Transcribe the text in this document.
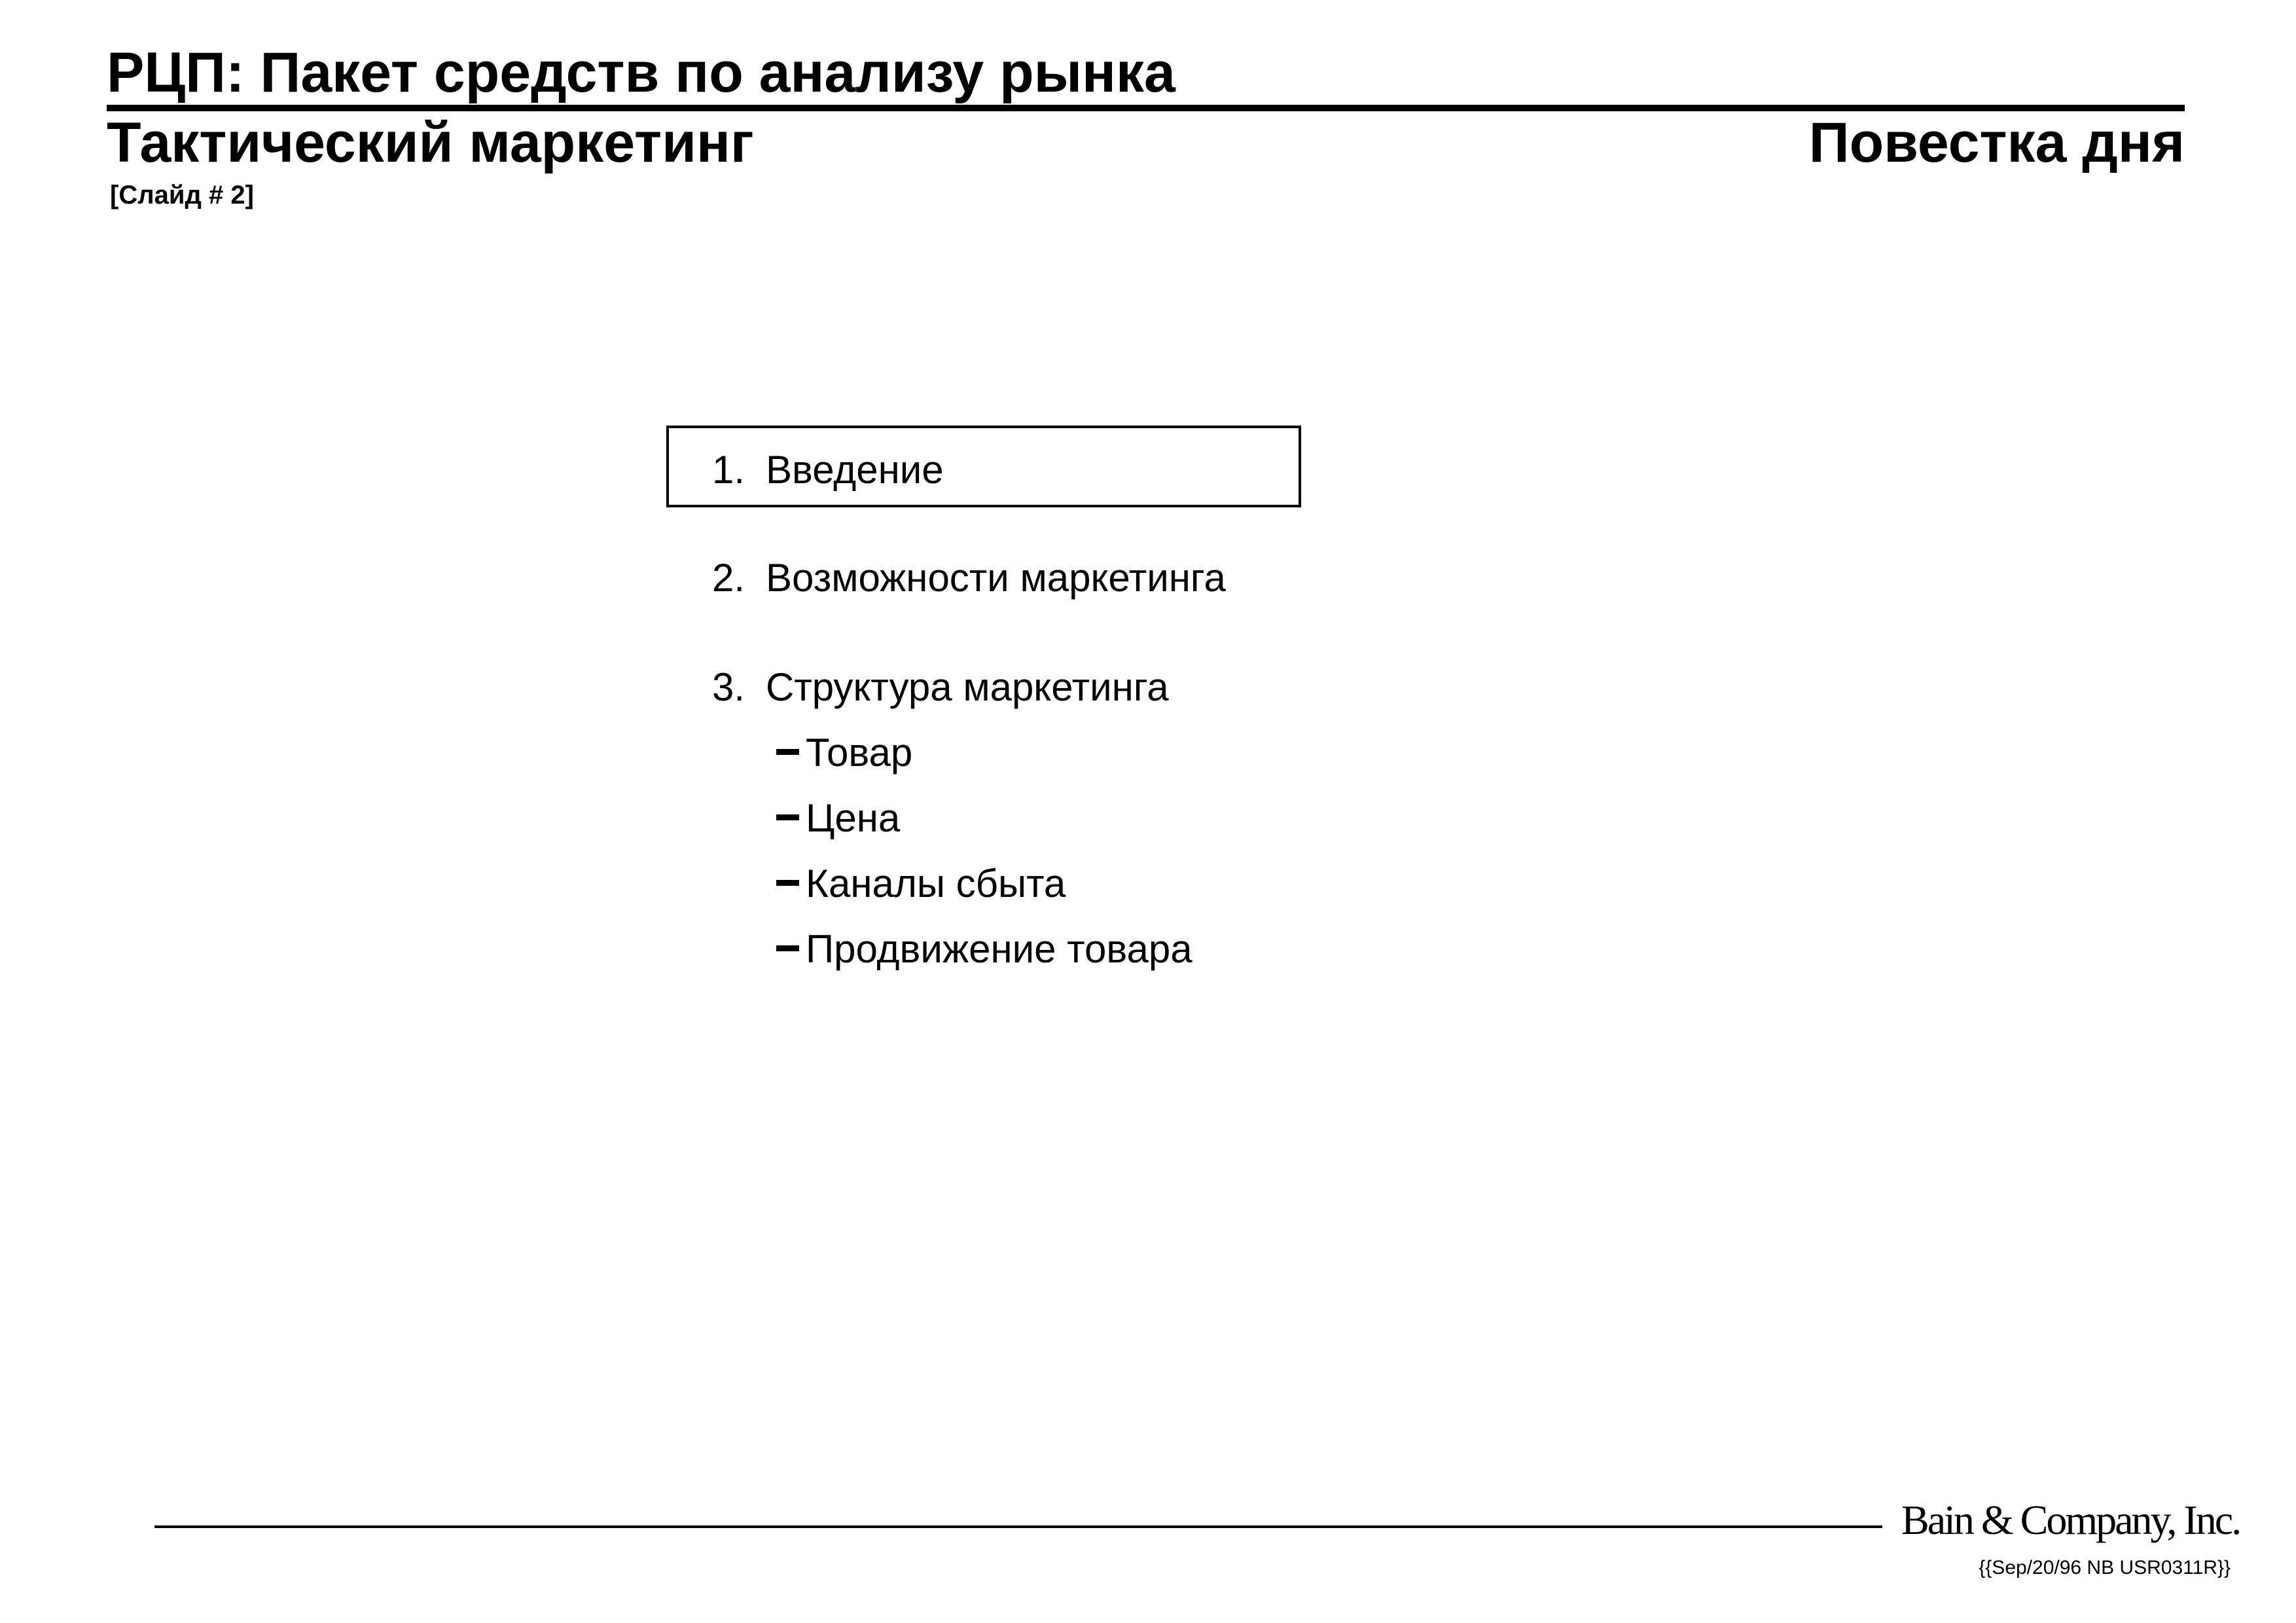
РЦП: Пакет средств по анализу рынка
Тактический маркетинг	Повестка дня
[Слайд # 2]
1. Введение
2. Возможности маркетинга
3. Структура маркетинга
Товар
Цена
Каналы сбыта
Продвижение товара
Bain & Company, Inc.
{{Sep/20/96 NB USR0311R}}
